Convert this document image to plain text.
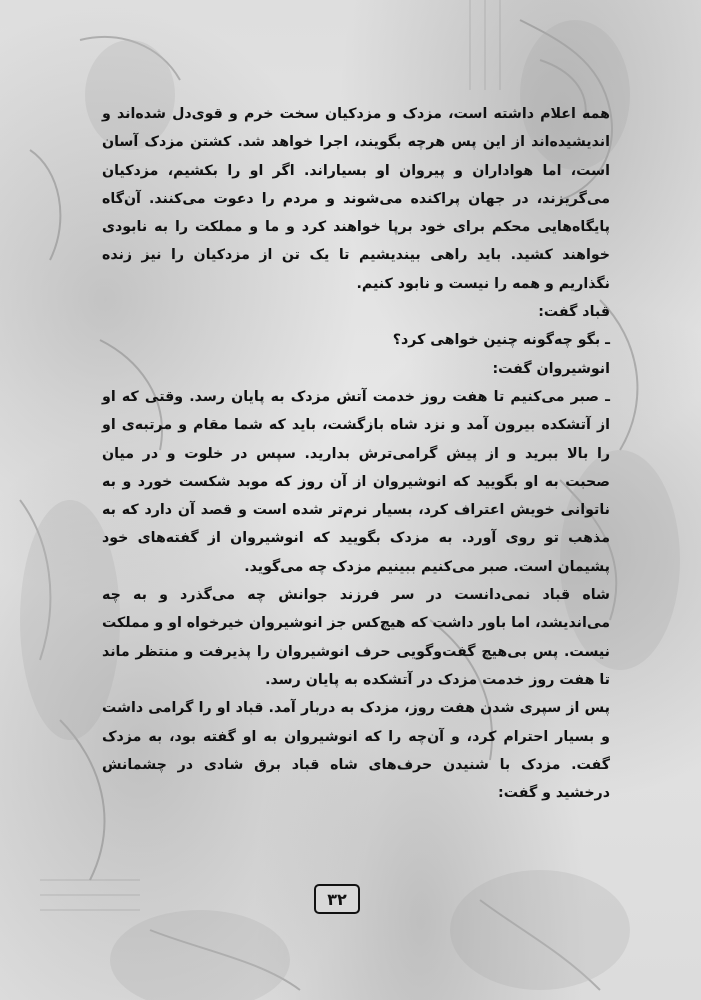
همه اعلام داشته است، مزدک و مزدکیان سخت خرم و قوی‌دل شده‌اند و اندیشیده‌اند از این پس هرچه بگویند، اجرا خواهد شد. کشتن مزدک آسان است، اما هواداران و پیروان او بسیاراند. اگر او را بکشیم، مزدکیان می‌گریزند، در جهان پراکنده می‌شوند و مردم را دعوت می‌کنند. آن‌گاه پایگاه‌هایی محکم برای خود برپا خواهند کرد و ما و مملکت را به نابودی خواهند کشید. باید راهی بیندیشیم تا یک تن از مزدکیان را نیز زنده نگذاریم و همه را نیست و نابود کنیم.

قباد گفت:

ـ بگو چه‌گونه چنین خواهی کرد؟

انوشیروان گفت:

ـ صبر می‌کنیم تا هفت روز خدمت آتش مزدک به پایان رسد. وقتی که او از آتشکده بیرون آمد و نزد شاه بازگشت، باید که شما مقام و مرتبه‌ی او را بالا ببرید و از پیش گرامی‌ترش بدارید. سپس در خلوت و در میان صحبت به او بگویید که انوشیروان از آن روز که موبد شکست خورد و به ناتوانی خویش اعتراف کرد، بسیار نرم‌تر شده است و قصد آن دارد که به مذهب تو روی آورد. به مزدک بگویید که انوشیروان از گفته‌های خود پشیمان است. صبر می‌کنیم ببینیم مزدک چه می‌گوید.

شاه قباد نمی‌دانست در سر فرزند جوانش چه می‌گذرد و به چه می‌اندیشد، اما باور داشت که هیچ‌کس جز انوشیروان خیرخواه او و مملکت نیست. پس بی‌هیچ گفت‌وگویی حرف انوشیروان را پذیرفت و منتظر ماند تا هفت روز خدمت مزدک در آتشکده به پایان رسد.

پس از سپری شدن هفت روز، مزدک به دربار آمد. قباد او را گرامی داشت و بسیار احترام کرد، و آن‌چه را که انوشیروان به او گفته بود، به مزدک گفت. مزدک با شنیدن حرف‌های شاه قباد برق شادی در چشمانش درخشید و گفت:

۳۲
